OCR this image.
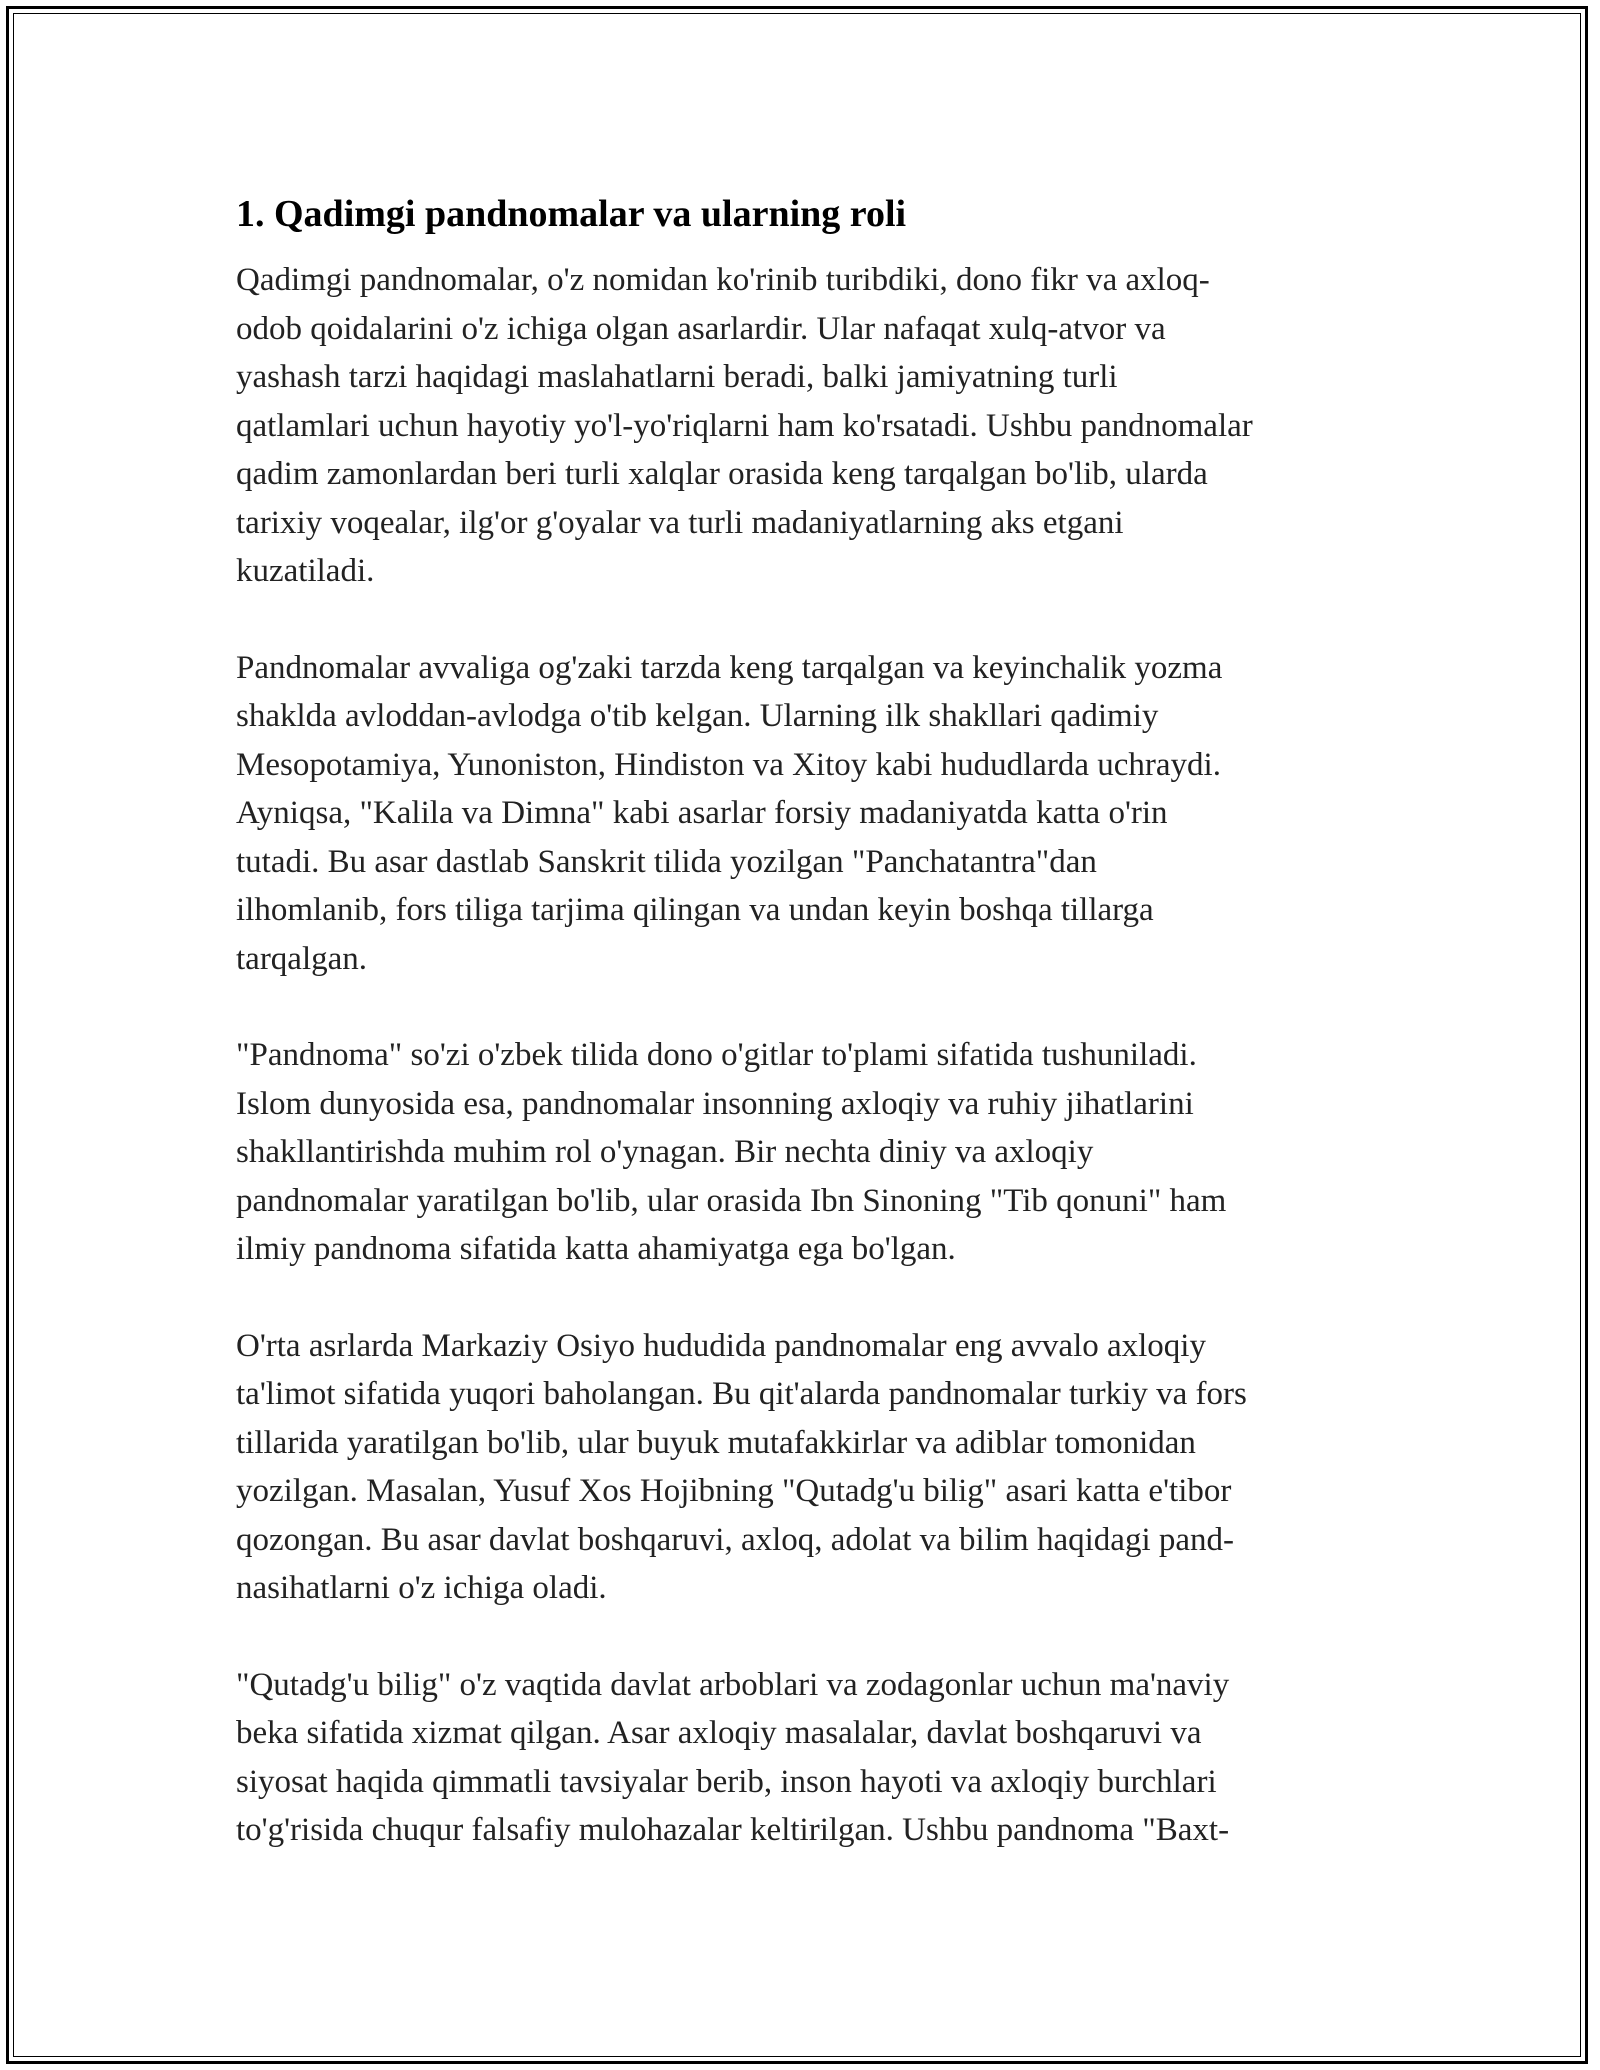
1. Qadimgi pandnomalar va ularning roli

Qadimgi pandnomalar, o'z nomidan ko'rinib turibdiki, dono fikr va axloq-
odob qoidalarini o'z ichiga olgan asarlardir. Ular nafaqat xulq-atvor va
yashash tarzi haqidagi maslahatlarni beradi, balki jamiyatning turli
qatlamlari uchun hayotiy yo'l-yo'riqlarni ham ko'rsatadi. Ushbu pandnomalar
qadim zamonlardan beri turli xalqlar orasida keng tarqalgan bo'lib, ularda
tarixiy voqealar, ilg'or g'oyalar va turli madaniyatlarning aks etgani
kuzatiladi.

Pandnomalar avvaliga og'zaki tarzda keng tarqalgan va keyinchalik yozma
shaklda avloddan-avlodga o'tib kelgan. Ularning ilk shakllari qadimiy
Mesopotamiya, Yunoniston, Hindiston va Xitoy kabi hududlarda uchraydi.
Ayniqsa, "Kalila va Dimna" kabi asarlar forsiy madaniyatda katta o'rin
tutadi. Bu asar dastlab Sanskrit tilida yozilgan "Panchatantra"dan
ilhomlanib, fors tiliga tarjima qilingan va undan keyin boshqa tillarga
tarqalgan.

"Pandnoma" so'zi o'zbek tilida dono o'gitlar to'plami sifatida tushuniladi.
Islom dunyosida esa, pandnomalar insonning axloqiy va ruhiy jihatlarini
shakllantirishda muhim rol o'ynagan. Bir nechta diniy va axloqiy
pandnomalar yaratilgan bo'lib, ular orasida Ibn Sinoning "Tib qonuni" ham
ilmiy pandnoma sifatida katta ahamiyatga ega bo'lgan.

O'rta asrlarda Markaziy Osiyo hududida pandnomalar eng avvalo axloqiy
ta'limot sifatida yuqori baholangan. Bu qit'alarda pandnomalar turkiy va fors
tillarida yaratilgan bo'lib, ular buyuk mutafakkirlar va adiblar tomonidan
yozilgan. Masalan, Yusuf Xos Hojibning "Qutadg'u bilig" asari katta e'tibor
qozongan. Bu asar davlat boshqaruvi, axloq, adolat va bilim haqidagi pand-
nasihatlarni o'z ichiga oladi.

"Qutadg'u bilig" o'z vaqtida davlat arboblari va zodagonlar uchun ma'naviy
beka sifatida xizmat qilgan. Asar axloqiy masalalar, davlat boshqaruvi va
siyosat haqida qimmatli tavsiyalar berib, inson hayoti va axloqiy burchlari
to'g'risida chuqur falsafiy mulohazalar keltirilgan. Ushbu pandnoma "Baxt-
